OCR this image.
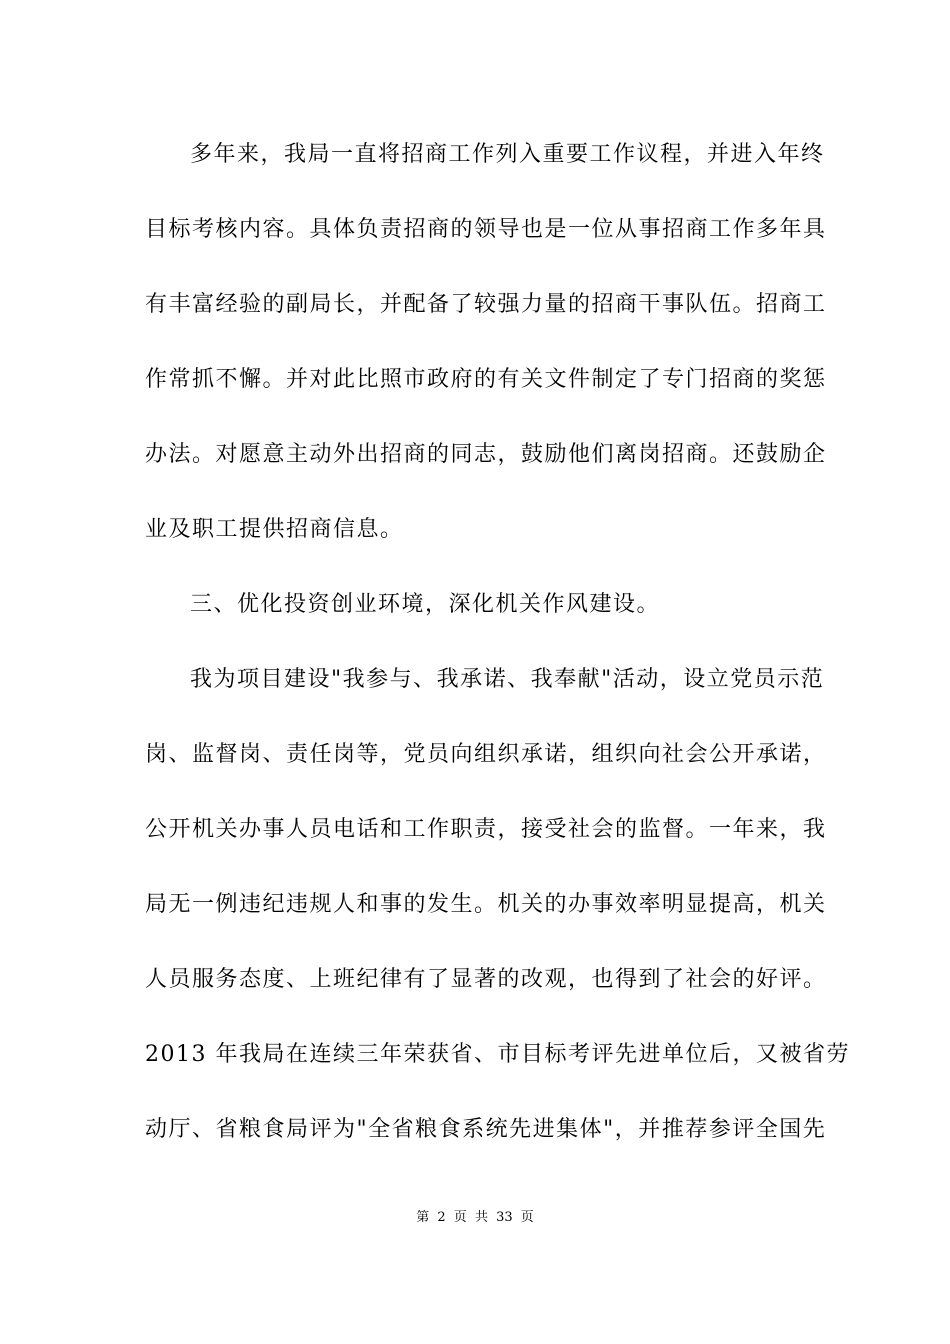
多年来，我局一直将招商工作列入重要工作议程，并进入年终
目标考核内容。具体负责招商的领导也是一位从事招商工作多年具
有丰富经验的副局长，并配备了较强力量的招商干事队伍。招商工
作常抓不懈。并对此比照市政府的有关文件制定了专门招商的奖惩
办法。对愿意主动外出招商的同志，鼓励他们离岗招商。还鼓励企
业及职工提供招商信息。
三、优化投资创业环境，深化机关作风建设。
我为项目建设"我参与、我承诺、我奉献"活动，设立党员示范
岗、监督岗、责任岗等，党员向组织承诺，组织向社会公开承诺，
公开机关办事人员电话和工作职责，接受社会的监督。一年来，我
局无一例违纪违规人和事的发生。机关的办事效率明显提高，机关
人员服务态度、上班纪律有了显著的改观，也得到了社会的好评。
2013 年我局在连续三年荣获省、市目标考评先进单位后，又被省劳
动厅、省粮食局评为"全省粮食系统先进集体"，并推荐参评全国先
第 2 页 共 33 页
